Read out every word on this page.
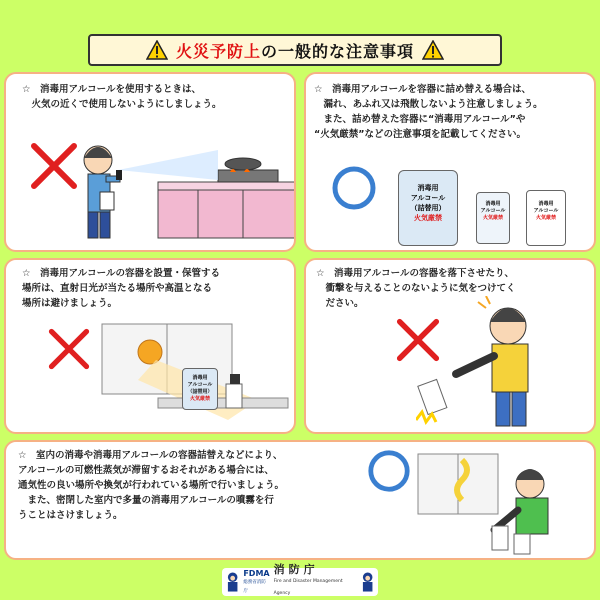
火災予防上の一般的な注意事項

☆　消毒用アルコールを使用するときは、

　火気の近くで使用しないようにしましょう。

☆　消毒用アルコールを容器に詰め替える場合は、

　漏れ、あふれ又は飛散しないよう注意しましょう。

　また、詰め替えた容器に“消毒用アルコール”や

“火気厳禁”などの注意事項を記載してください。

消毒用
アルコール
（詰替用）
火気厳禁
消毒用
アルコール
火気厳禁
消毒用
アルコール
火気厳禁

☆　消毒用アルコールの容器を設置・保管する

場所は、直射日光が当たる場所や高温となる

場所は避けましょう。

消毒用
アルコール
（詰替用）
火気厳禁

☆　消毒用アルコールの容器を落下させたり、

　衝撃を与えることのないように気をつけてく

　ださい。

☆　室内の消毒や消毒用アルコールの容器詰替えなどにより、

アルコールの可燃性蒸気が滞留するおそれがある場合には、

通気性の良い場所や換気が行われている場所で行いましょう。

　また、密閉した室内で多量の消毒用アルコールの噴霧を行

うことはさけましょう。

FDMA
総務省消防庁
消防庁
Fire and Disaster Management Agency
